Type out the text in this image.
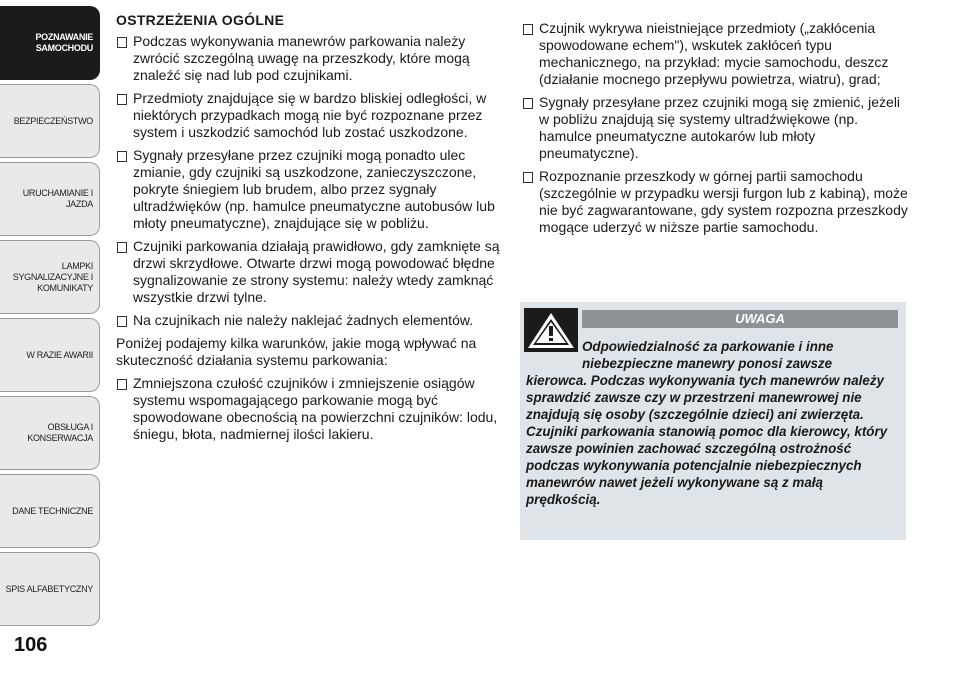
POZNAWANIE
SAMOCHODU
BEZPIECZEŃSTWO
URUCHAMIANIE I
JAZDA
LAMPKI
SYGNALIZACYJNE I
KOMUNIKATY
W RAZIE AWARII
OBSŁUGA I
KONSERWACJA
DANE TECHNICZNE
SPIS ALFABETYCZNY
106
OSTRZEŻENIA OGÓLNE
Podczas wykonywania manewrów parkowania należy zwrócić szczególną uwagę na przeszkody, które mogą znaleźć się nad lub pod czujnikami.
Przedmioty znajdujące się w bardzo bliskiej odległości, w niektórych przypadkach mogą nie być rozpoznane przez system i uszkodzić samochód lub zostać uszkodzone.
Sygnały przesyłane przez czujniki mogą ponadto ulec zmianie, gdy czujniki są uszkodzone, zanieczyszczone, pokryte śniegiem lub brudem, albo przez sygnały ultradźwięków (np. hamulce pneumatyczne autobusów lub młoty pneumatyczne), znajdujące się w pobliżu.
Czujniki parkowania działają prawidłowo, gdy zamknięte są drzwi skrzydłowe. Otwarte drzwi mogą powodować błędne sygnalizowanie ze strony systemu: należy wtedy zamknąć wszystkie drzwi tylne.
Na czujnikach nie należy naklejać żadnych elementów.
Poniżej podajemy kilka warunków, jakie mogą wpływać na skuteczność działania systemu parkowania:
Zmniejszona czułość czujników i zmniejszenie osiągów systemu wspomagającego parkowanie mogą być spowodowane obecnością na powierzchni czujników: lodu, śniegu, błota, nadmiernej ilości lakieru.
Czujnik wykrywa nieistniejące przedmioty („zakłócenia spowodowane echem"), wskutek zakłóceń typu mechanicznego, na przykład: mycie samochodu, deszcz (działanie mocnego przepływu powietrza, wiatru), grad;
Sygnały przesyłane przez czujniki mogą się zmienić, jeżeli w pobliżu znajdują się systemy ultradźwiękowe (np. hamulce pneumatyczne autokarów lub młoty pneumatyczne).
Rozpoznanie przeszkody w górnej partii samochodu (szczególnie w przypadku wersji furgon lub z kabiną), może nie być zagwarantowane, gdy system rozpozna przeszkody mogące uderzyć w niższe partie samochodu.
UWAGA
Odpowiedzialność za parkowanie i inne niebezpieczne manewry ponosi zawsze
kierowca. Podczas wykonywania tych manewrów należy sprawdzić zawsze czy w przestrzeni manewrowej nie znajdują się osoby (szczególnie dzieci) ani zwierzęta. Czujniki parkowania stanowią pomoc dla kierowcy, który zawsze powinien zachować szczególną ostrożność podczas wykonywania potencjalnie niebezpiecznych manewrów nawet jeżeli wykonywane są z małą prędkością.
